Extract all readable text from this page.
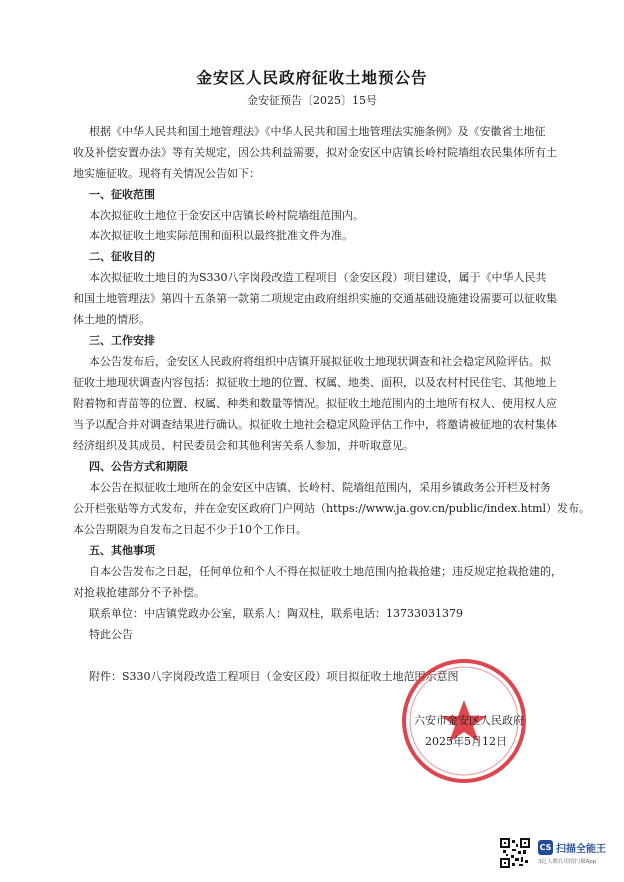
金安区人民政府征收土地预公告
金安征预告〔2025〕15号
根据《中华人民共和国土地管理法》《中华人民共和国土地管理法实施条例》及《安徽省土地征
收及补偿安置办法》等有关规定，因公共利益需要，拟对金安区中店镇长岭村院墙组农民集体所有土
地实施征收。现将有关情况公告如下：
一、征收范围
本次拟征收土地位于金安区中店镇长岭村院墙组范围内。
本次拟征收土地实际范围和面积以最终批准文件为准。
二、征收目的
本次拟征收土地目的为S330八字岗段改造工程项目（金安区段）项目建设，属于《中华人民共
和国土地管理法》第四十五条第一款第二项规定由政府组织实施的交通基础设施建设需要可以征收集
体土地的情形。
三、工作安排
本公告发布后，金安区人民政府将组织中店镇开展拟征收土地现状调查和社会稳定风险评估。拟
征收土地现状调查内容包括：拟征收土地的位置、权属、地类、面积，以及农村村民住宅、其他地上
附着物和青苗等的位置、权属、种类和数量等情况。拟征收土地范围内的土地所有权人、使用权人应
当予以配合并对调查结果进行确认。拟征收土地社会稳定风险评估工作中，将邀请被征地的农村集体
经济组织及其成员、村民委员会和其他利害关系人参加，并听取意见。
四、公告方式和期限
本公告在拟征收土地所在的金安区中店镇、长岭村、院墙组范围内，采用乡镇政务公开栏及村务
公开栏张贴等方式发布，并在金安区政府门户网站（https://www.ja.gov.cn/public/index.html）发布。
本公告期限为自发布之日起不少于10个工作日。
五、其他事项
自本公告发布之日起，任何单位和个人不得在拟征收土地范围内抢栽抢建；违反规定抢栽抢建的，
对抢栽抢建部分不予补偿。
联系单位：中店镇党政办公室，联系人：陶双柱，联系电话：13733031379
特此公告
附件：S330八字岗段改造工程项目（金安区段）项目拟征收土地范围示意图
六安市金安区人民政府
2025年5月12日
CS 扫描全能王
3亿人都在用的扫描App
